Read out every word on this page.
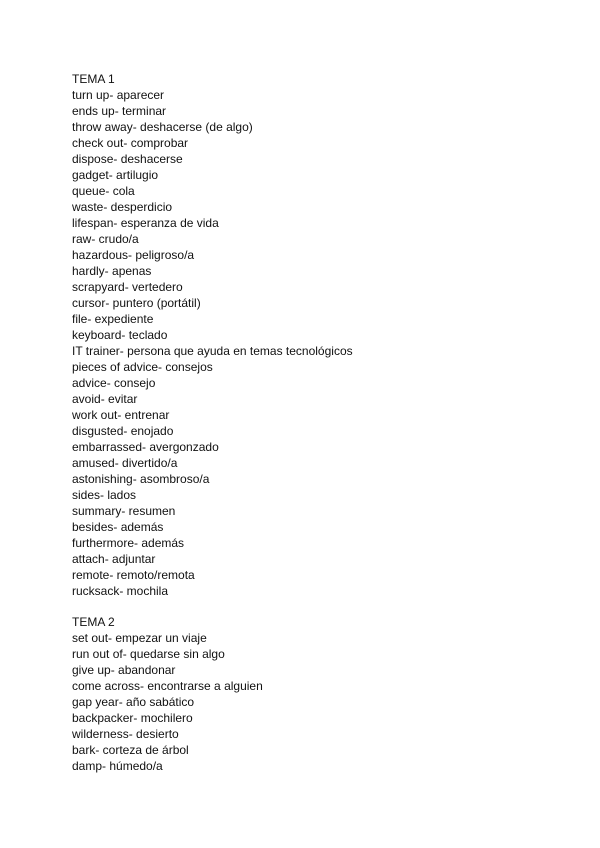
TEMA 1
turn up- aparecer
ends up- terminar
throw away- deshacerse (de algo)
check out- comprobar
dispose- deshacerse
gadget- artilugio
queue- cola
waste- desperdicio
lifespan- esperanza de vida
raw- crudo/a
hazardous- peligroso/a
hardly- apenas
scrapyard- vertedero
cursor- puntero (portátil)
file- expediente
keyboard- teclado
IT trainer- persona que ayuda en temas tecnológicos
pieces of advice- consejos
advice- consejo
avoid- evitar
work out- entrenar
disgusted- enojado
embarrassed- avergonzado
amused- divertido/a
astonishing- asombroso/a
sides- lados
summary- resumen
besides- además
furthermore- además
attach- adjuntar
remote- remoto/remota
rucksack- mochila
TEMA 2
set out- empezar un viaje
run out of- quedarse sin algo
give up- abandonar
come across- encontrarse a alguien
gap year- año sabático
backpacker- mochilero
wilderness- desierto
bark- corteza de árbol
damp- húmedo/a
